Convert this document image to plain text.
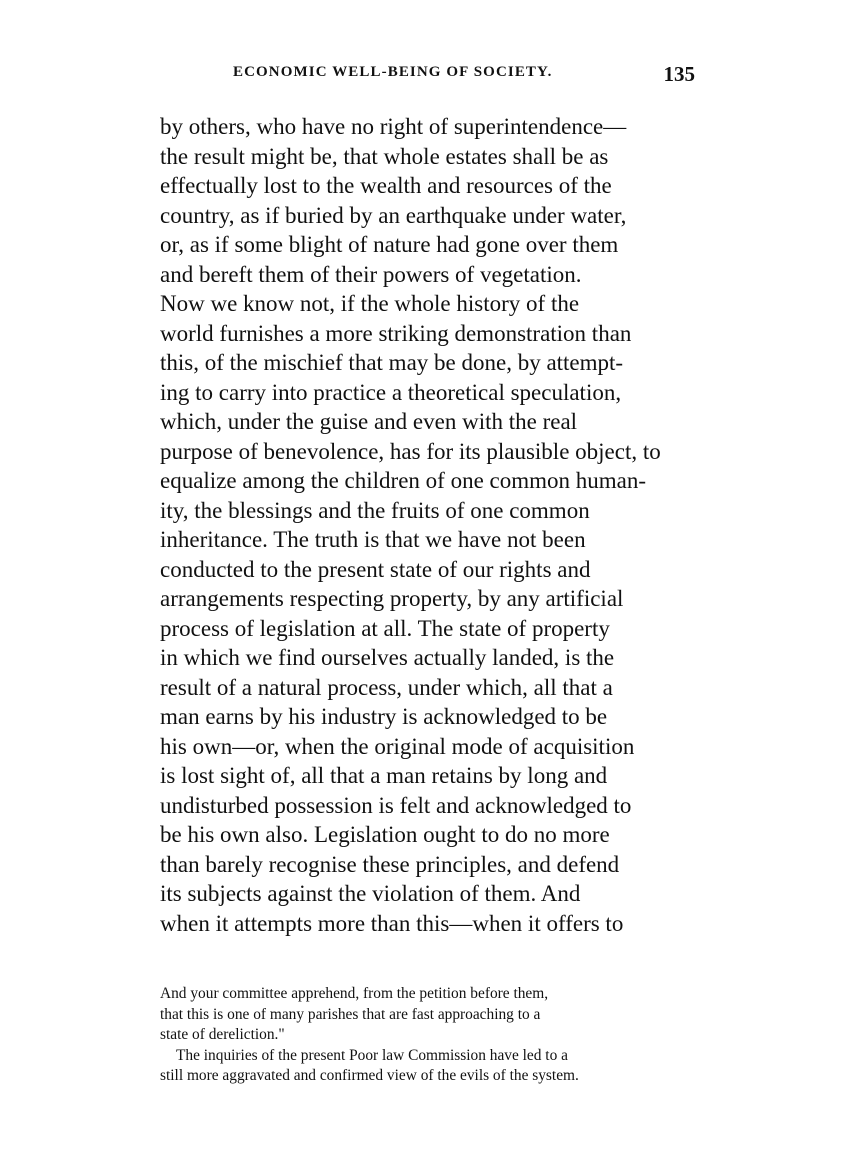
ECONOMIC WELL-BEING OF SOCIETY.	135
by others, who have no right of superintendence—
the result might be, that whole estates shall be as
effectually lost to the wealth and resources of the
country, as if buried by an earthquake under water,
or, as if some blight of nature had gone over them
and bereft them of their powers of vegetation.
Now we know not, if the whole history of the
world furnishes a more striking demonstration than
this, of the mischief that may be done, by attempt-
ing to carry into practice a theoretical speculation,
which, under the guise and even with the real
purpose of benevolence, has for its plausible object, to
equalize among the children of one common human-
ity, the blessings and the fruits of one common
inheritance. The truth is that we have not been
conducted to the present state of our rights and
arrangements respecting property, by any artificial
process of legislation at all. The state of property
in which we find ourselves actually landed, is the
result of a natural process, under which, all that a
man earns by his industry is acknowledged to be
his own—or, when the original mode of acquisition
is lost sight of, all that a man retains by long and
undisturbed possession is felt and acknowledged to
be his own also. Legislation ought to do no more
than barely recognise these principles, and defend
its subjects against the violation of them. And
when it attempts more than this—when it offers to
And your committee apprehend, from the petition before them,
that this is one of many parishes that are fast approaching to a
state of dereliction."
The inquiries of the present Poor law Commission have led to a
still more aggravated and confirmed view of the evils of the system.
